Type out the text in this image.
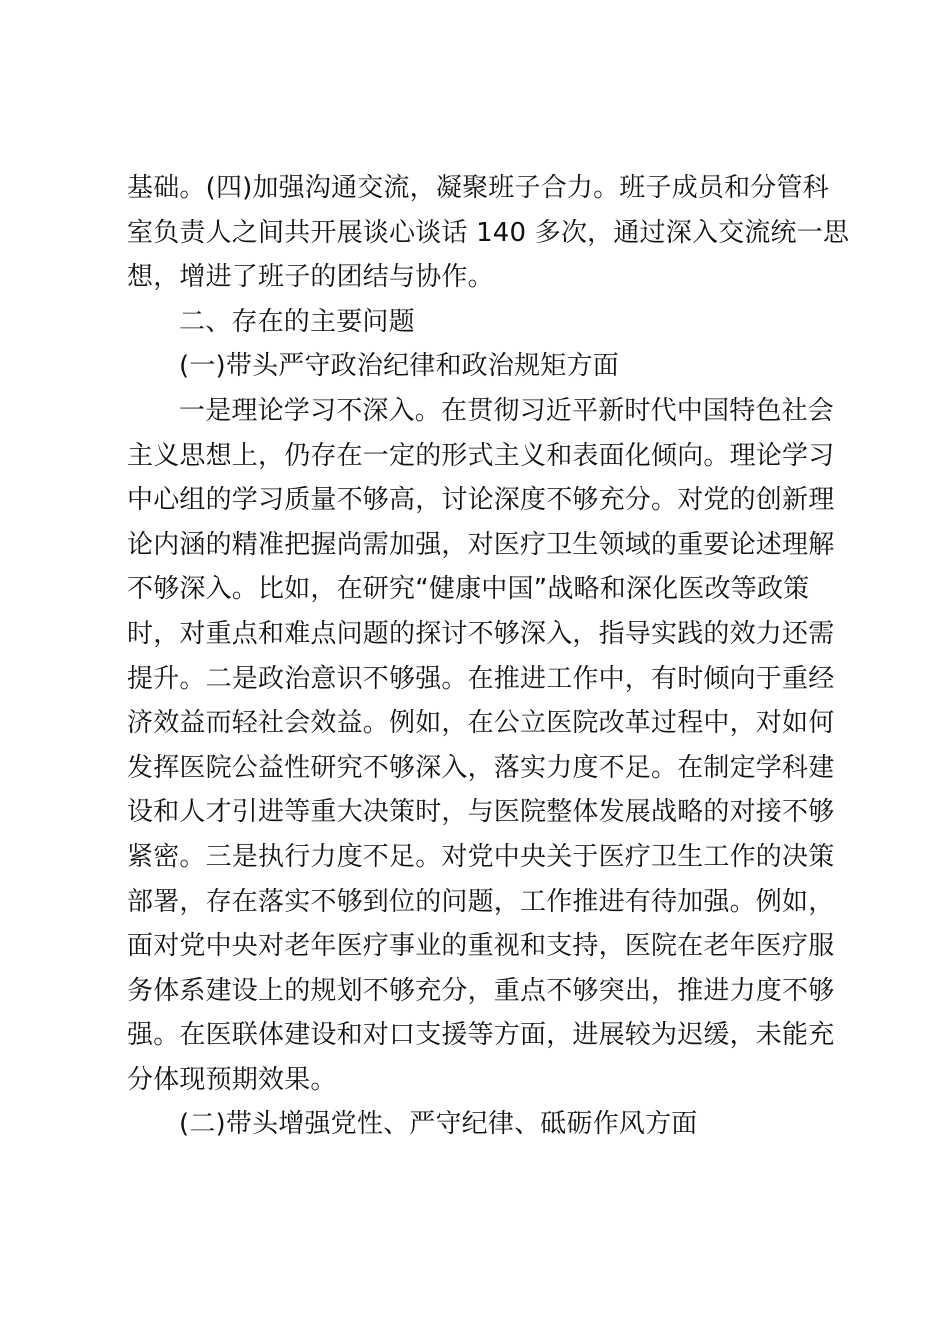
基础。(四)加强沟通交流，凝聚班子合力。班子成员和分管科
室负责人之间共开展谈心谈话 140 多次，通过深入交流统一思
想，增进了班子的团结与协作。
二、存在的主要问题
(一)带头严守政治纪律和政治规矩方面
一是理论学习不深入。在贯彻习近平新时代中国特色社会
主义思想上，仍存在一定的形式主义和表面化倾向。理论学习
中心组的学习质量不够高，讨论深度不够充分。对党的创新理
论内涵的精准把握尚需加强，对医疗卫生领域的重要论述理解
不够深入。比如，在研究“健康中国”战略和深化医改等政策
时，对重点和难点问题的探讨不够深入，指导实践的效力还需
提升。二是政治意识不够强。在推进工作中，有时倾向于重经
济效益而轻社会效益。例如，在公立医院改革过程中，对如何
发挥医院公益性研究不够深入，落实力度不足。在制定学科建
设和人才引进等重大决策时，与医院整体发展战略的对接不够
紧密。三是执行力度不足。对党中央关于医疗卫生工作的决策
部署，存在落实不够到位的问题，工作推进有待加强。例如，
面对党中央对老年医疗事业的重视和支持，医院在老年医疗服
务体系建设上的规划不够充分，重点不够突出，推进力度不够
强。在医联体建设和对口支援等方面，进展较为迟缓，未能充
分体现预期效果。
(二)带头增强党性、严守纪律、砥砺作风方面
